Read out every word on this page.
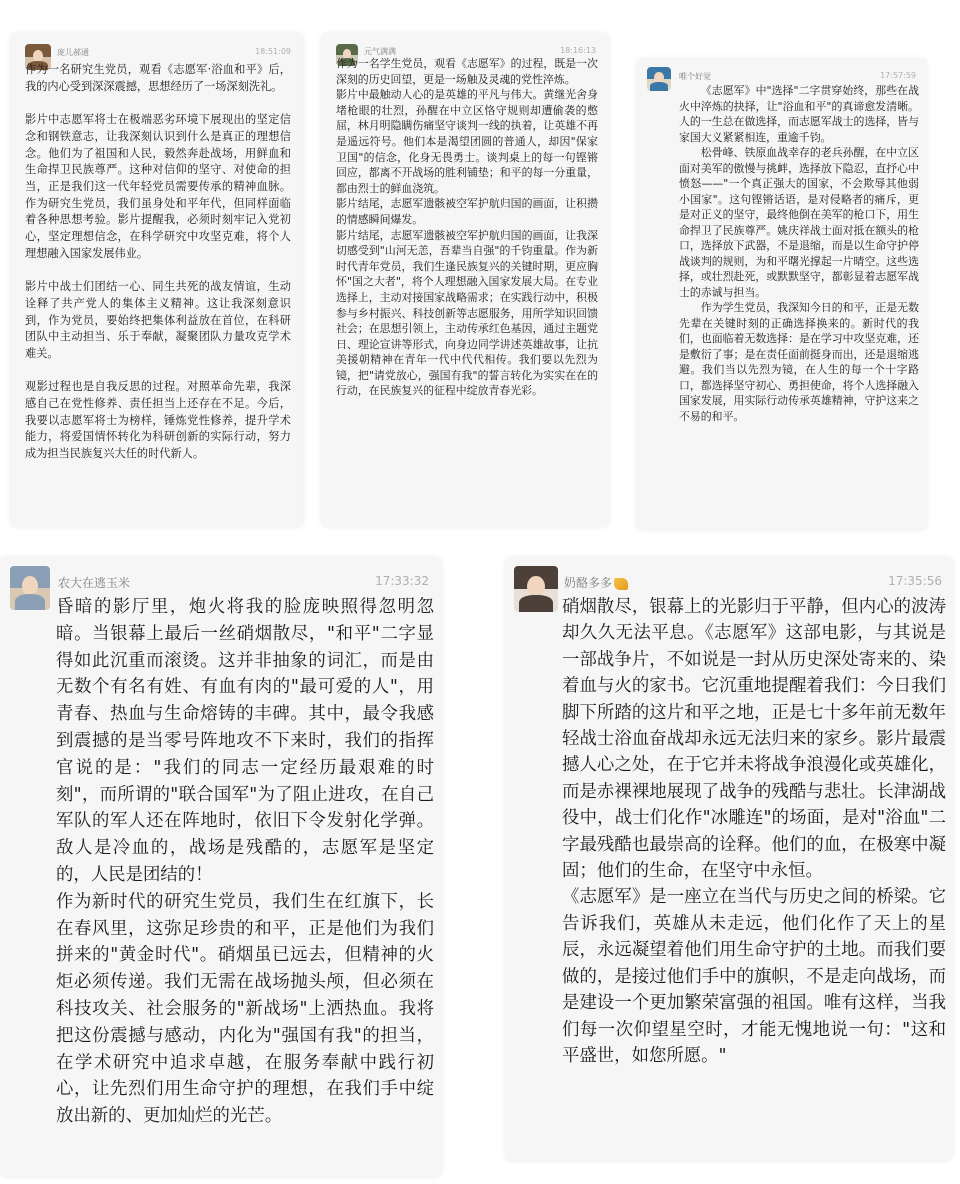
庞儿郝通	18:51:09

作为一名研究生党员，观看《志愿军·浴血和平》后，我的内心受到深深震撼，思想经历了一场深刻洗礼。

影片中志愿军将士在极端恶劣环境下展现出的坚定信念和钢铁意志，让我深刻认识到什么是真正的理想信念。他们为了祖国和人民，毅然奔赴战场，用鲜血和生命捍卫民族尊严。这种对信仰的坚守、对使命的担当，正是我们这一代年轻党员需要传承的精神血脉。作为研究生党员，我们虽身处和平年代，但同样面临着各种思想考验。影片提醒我，必须时刻牢记入党初心，坚定理想信念，在科学研究中攻坚克难，将个人理想融入国家发展伟业。

影片中战士们团结一心、同生共死的战友情谊，生动诠释了共产党人的集体主义精神。这让我深刻意识到，作为党员，要始终把集体利益放在首位，在科研团队中主动担当、乐于奉献，凝聚团队力量攻克学术难关。

观影过程也是自我反思的过程。对照革命先辈，我深感自己在党性修养、责任担当上还存在不足。今后，我要以志愿军将士为榜样，锤炼党性修养，提升学术能力，将爱国情怀转化为科研创新的实际行动，努力成为担当民族复兴大任的时代新人。

元气满满	18:16:13

作为一名学生党员，观看《志愿军》的过程，既是一次深刻的历史回望，更是一场触及灵魂的党性淬炼。

影片中最触动人心的是英雄的平凡与伟大。黄继光舍身堵枪眼的壮烈，孙醒在中立区恪守规则却遭偷袭的憋屈，林月明隐瞒伤痛坚守谈判一线的执着，让英雄不再是遥远符号。他们本是渴望团圆的普通人，却因"保家卫国"的信念，化身无畏勇士。谈判桌上的每一句铿锵回应，都离不开战场的胜利铺垫；和平的每一分重量，都由烈士的鲜血浇筑。

影片结尾，志愿军遗骸被空军护航归国的画面，让积攒的情感瞬间爆发。

影片结尾，志愿军遗骸被空军护航归国的画面，让我深切感受到"山河无恙，吾辈当自强"的千钧重量。作为新时代青年党员，我们生逢民族复兴的关键时期，更应胸怀"国之大者"，将个人理想融入国家发展大局。在专业选择上，主动对接国家战略需求；在实践行动中，积极参与乡村振兴、科技创新等志愿服务，用所学知识回馈社会；在思想引领上，主动传承红色基因，通过主题党日、理论宣讲等形式，向身边同学讲述英雄故事，让抗美援朝精神在青年一代中代代相传。我们要以先烈为镜，把"请党放心，强国有我"的誓言转化为实实在在的行动，在民族复兴的征程中绽放青春光彩。

唯个好觉	17:57:59

《志愿军》中"选择"二字贯穿始终，那些在战火中淬炼的抉择，让"浴血和平"的真谛愈发清晰。人的一生总在做选择，而志愿军战士的选择，皆与家国大义紧紧相连，重逾千钧。

松骨峰、铁原血战幸存的老兵孙醒，在中立区面对美军的傲慢与挑衅，选择放下隐忍，直抒心中愤怒——"一个真正强大的国家，不会欺辱其他弱小国家"。这句铿锵话语，是对侵略者的痛斥，更是对正义的坚守，最终他倒在美军的枪口下，用生命捍卫了民族尊严。姚庆祥战士面对抵在额头的枪口，选择放下武器，不是退缩，而是以生命守护停战谈判的规则，为和平曙光撑起一片晴空。这些选择，或壮烈赴死，或默默坚守，都彰显着志愿军战士的赤诚与担当。

作为学生党员，我深知今日的和平，正是无数先辈在关键时刻的正确选择换来的。新时代的我们，也面临着无数选择：是在学习中攻坚克难，还是敷衍了事；是在责任面前挺身而出，还是退缩逃避。我们当以先烈为镜，在人生的每一个十字路口，都选择坚守初心、勇担使命，将个人选择融入国家发展，用实际行动传承英雄精神，守护这来之不易的和平。

农大在逃玉米	17:33:32

昏暗的影厅里，炮火将我的脸庞映照得忽明忽暗。当银幕上最后一丝硝烟散尽，"和平"二字显得如此沉重而滚烫。这并非抽象的词汇，而是由无数个有名有姓、有血有肉的"最可爱的人"，用青春、热血与生命熔铸的丰碑。其中，最令我感到震撼的是当零号阵地攻不下来时，我们的指挥官说的是："我们的同志一定经历最艰难的时刻"，而所谓的"联合国军"为了阻止进攻，在自己军队的军人还在阵地时，依旧下令发射化学弹。敌人是冷血的，战场是残酷的，志愿军是坚定的，人民是团结的！

作为新时代的研究生党员，我们生在红旗下，长在春风里，这弥足珍贵的和平，正是他们为我们拼来的"黄金时代"。硝烟虽已远去，但精神的火炬必须传递。我们无需在战场抛头颅，但必须在科技攻关、社会服务的"新战场"上洒热血。我将把这份震撼与感动，内化为"强国有我"的担当，在学术研究中追求卓越，在服务奉献中践行初心，让先烈们用生命守护的理想，在我们手中绽放出新的、更加灿烂的光芒。

奶酪多多	17:35:56

硝烟散尽，银幕上的光影归于平静，但内心的波涛却久久无法平息。《志愿军》这部电影，与其说是一部战争片，不如说是一封从历史深处寄来的、染着血与火的家书。它沉重地提醒着我们：今日我们脚下所踏的这片和平之地，正是七十多年前无数年轻战士浴血奋战却永远无法归来的家乡。影片最震撼人心之处，在于它并未将战争浪漫化或英雄化，而是赤裸裸地展现了战争的残酷与悲壮。长津湖战役中，战士们化作"冰雕连"的场面，是对"浴血"二字最残酷也最崇高的诠释。他们的血，在极寒中凝固；他们的生命，在坚守中永恒。

《志愿军》是一座立在当代与历史之间的桥梁。它告诉我们，英雄从未走远，他们化作了天上的星辰，永远凝望着他们用生命守护的土地。而我们要做的，是接过他们手中的旗帜，不是走向战场，而是建设一个更加繁荣富强的祖国。唯有这样，当我们每一次仰望星空时，才能无愧地说一句："这和平盛世，如您所愿。"
